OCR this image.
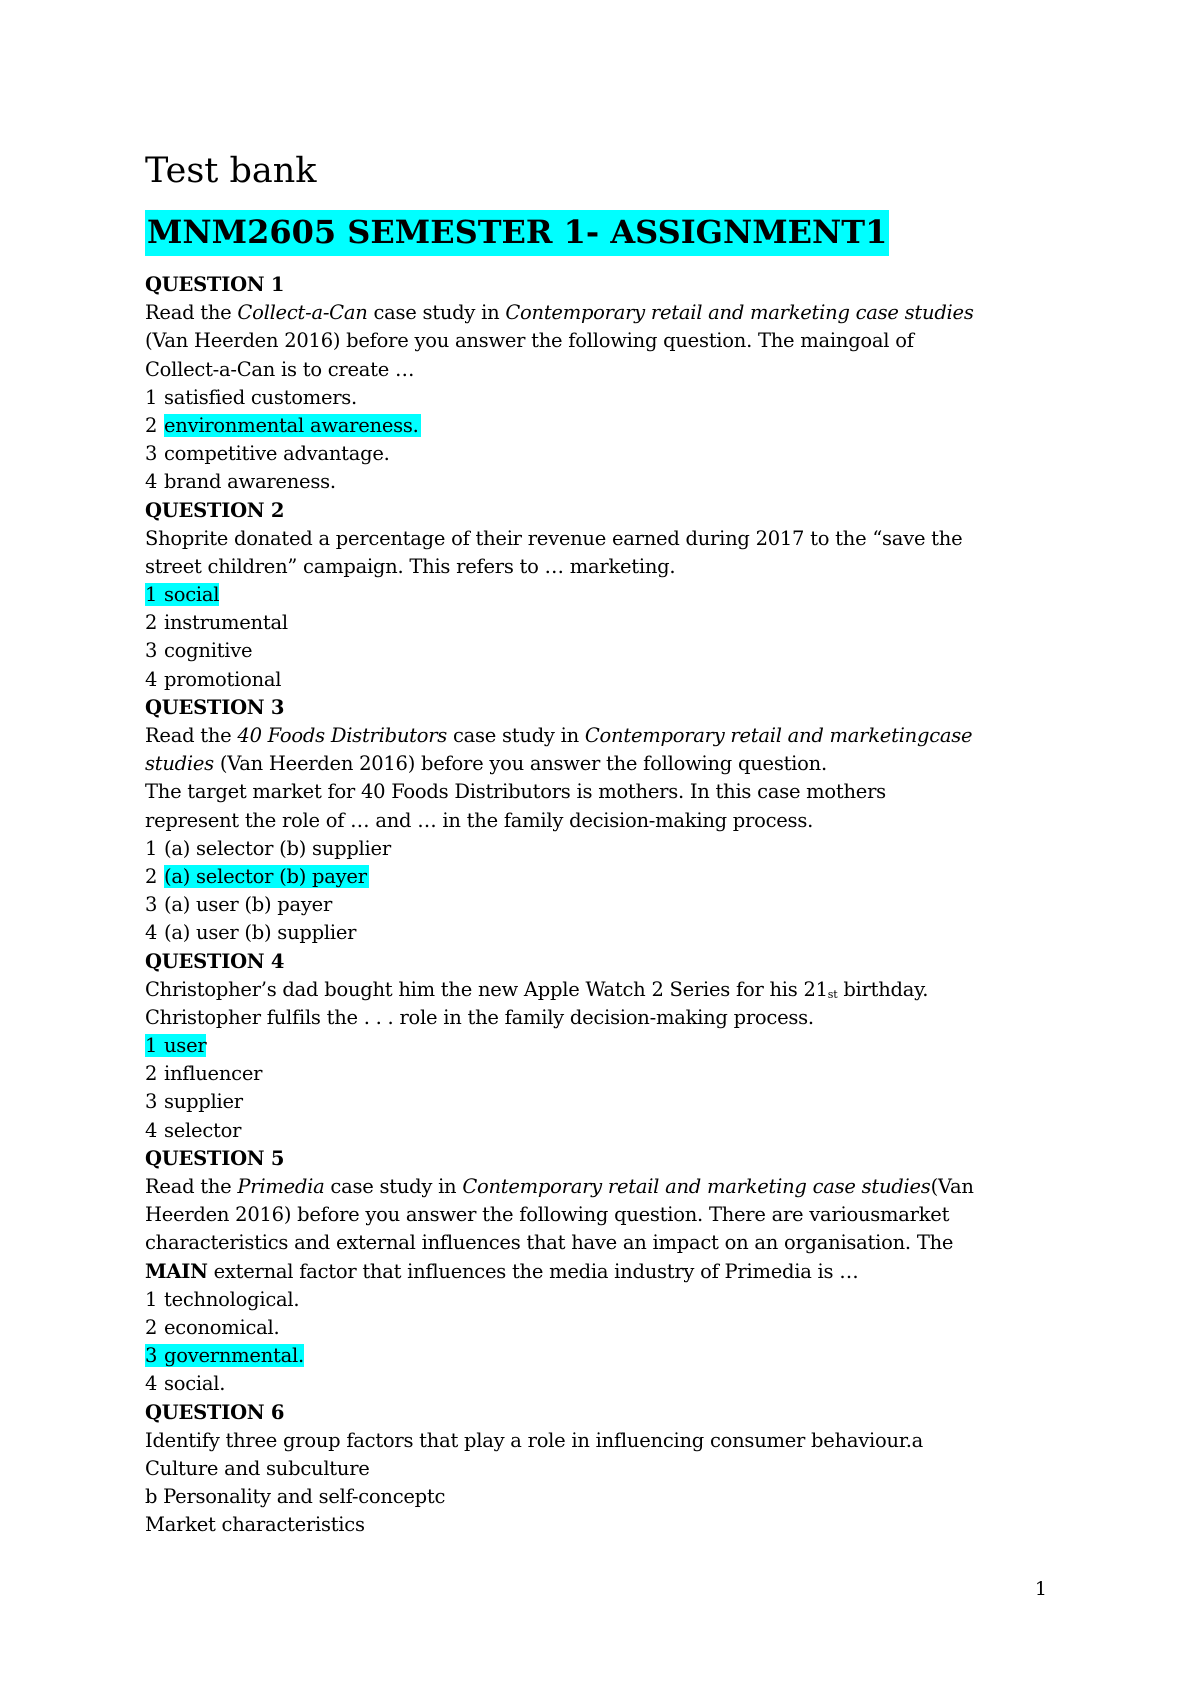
Test bank
MNM2605 SEMESTER 1- ASSIGNMENT1
QUESTION 1
Read the Collect-a-Can case study in Contemporary retail and marketing case studies
(Van Heerden 2016) before you answer the following question. The maingoal of
Collect-a-Can is to create …
1 satisfied customers.
2 environmental awareness.
3 competitive advantage.
4 brand awareness.
QUESTION 2
Shoprite donated a percentage of their revenue earned during 2017 to the “save the
street children” campaign. This refers to … marketing.
1 social
2 instrumental
3 cognitive
4 promotional
QUESTION 3
Read the 40 Foods Distributors case study in Contemporary retail and marketingcase
studies (Van Heerden 2016) before you answer the following question.
The target market for 40 Foods Distributors is mothers. In this case mothers
represent the role of … and … in the family decision-making process.
1 (a) selector (b) supplier
2 (a) selector (b) payer
3 (a) user (b) payer
4 (a) user (b) supplier
QUESTION 4
Christopher’s dad bought him the new Apple Watch 2 Series for his $21_{st}$ birthday.
Christopher fulfils the . . . role in the family decision-making process.
1 user
2 influencer
3 supplier
4 selector
QUESTION 5
Read the Primedia case study in Contemporary retail and marketing case studies(Van
Heerden 2016) before you answer the following question. There are variousmarket
characteristics and external influences that have an impact on an organisation. The
MAIN external factor that influences the media industry of Primedia is …
1 technological.
2 economical.
3 governmental.
4 social.
QUESTION 6
Identify three group factors that play a role in influencing consumer behaviour.a
Culture and subculture
b Personality and self-conceptc
Market characteristics
1
